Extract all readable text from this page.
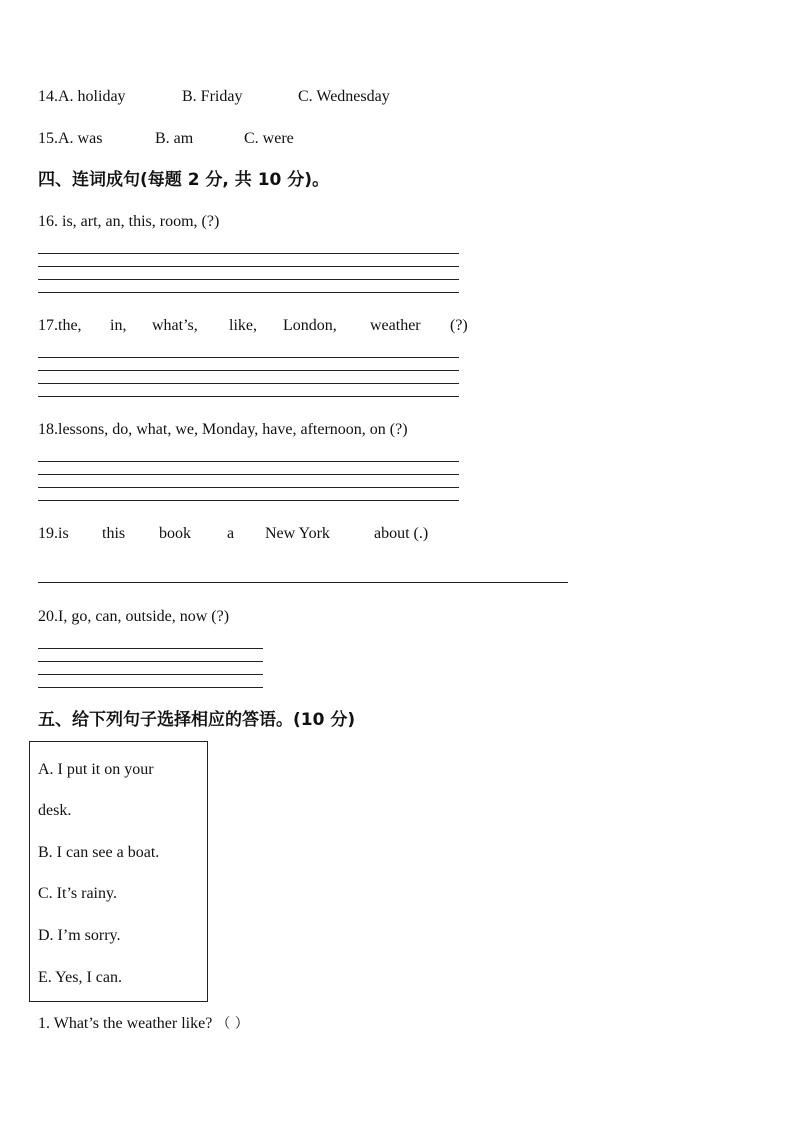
14.A. holiday	B. Friday	C. Wednesday
15.A. was	B. am	C. were
四、连词成句(每题 2 分, 共 10 分)。
16. is, art, an, this, room, (?)
17.the, in, what’s, like, London, weather (?)
18.lessons, do, what, we, Monday, have, afternoon, on (?)
19.is this book a New York	about (.)
20.I, go, can, outside, now (?)
五、给下列句子选择相应的答语。(10 分)
A. I put it on your
desk.
B. I can see a boat.
C. It’s rainy.
D. I’m sorry.
E. Yes, I can.
1. What’s the weather like? （ ）
